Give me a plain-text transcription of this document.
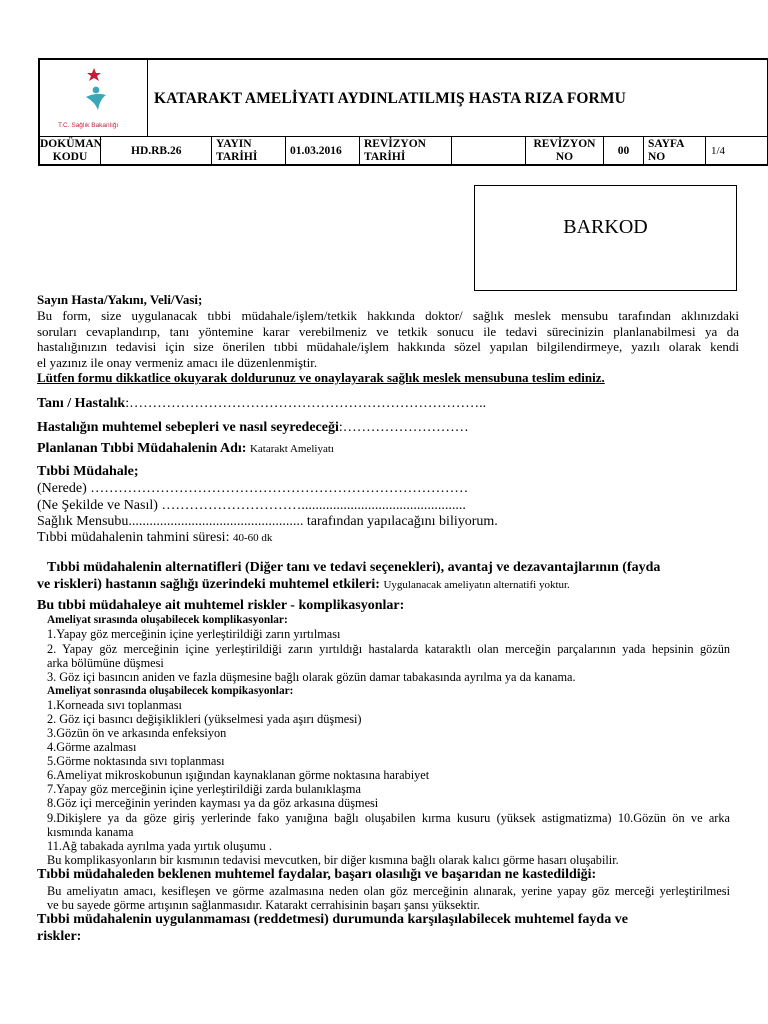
T.C. Sağlık Bakanlığı
KATARAKT AMELİYATI AYDINLATILMIŞ HASTA RIZA FORMU
DOKÜMAN
KODU
HD.RB.26
YAYIN
TARİHİ
01.03.2016
REVİZYON
TARİHİ
REVİZYON
NO
00
SAYFA
NO
1/4
BARKOD
Sayın Hasta/Yakını, Veli/Vasi;
Bu form, size uygulanacak tıbbi müdahale/işlem/tetkik hakkında doktor/ sağlık meslek mensubu tarafından aklınızdaki
soruları cevaplandırıp, tanı yöntemine karar verebilmeniz ve tetkik sonucu ile tedavi sürecinizin planlanabilmesi ya da
hastalığınızın tedavisi için size önerilen tıbbi müdahale/işlem hakkında sözel yapılan bilgilendirmeye, yazılı olarak kendi
el yazınız ile onay vermeniz amacı ile düzenlenmiştir.
Lütfen formu dikkatlice okuyarak doldurunuz ve onaylayarak sağlık meslek mensubuna teslim ediniz.
Tanı / Hastalık:…………………………………………………………………..
Hastalığın muhtemel sebepleri ve nasıl seyredeceği:………………………
Planlanan Tıbbi Müdahalenin Adı: Katarakt Ameliyatı
Tıbbi Müdahale;
(Nerede) ………………………………………………………………………
(Ne Şekilde ve Nasıl) …………………………...............................................
Sağlık Mensubu.................................................. tarafından yapılacağını biliyorum.
Tıbbi müdahalenin tahmini süresi: 40-60 dk
Tıbbi müdahalenin alternatifleri (Diğer tanı ve tedavi seçenekleri), avantaj ve dezavantajlarının (fayda
ve riskleri) hastanın sağlığı üzerindeki muhtemel etkileri: Uygulanacak ameliyatın alternatifi yoktur.
Bu tıbbi müdahaleye ait muhtemel riskler - komplikasyonlar:
Ameliyat sırasında oluşabilecek komplikasyonlar:
1.Yapay göz merceğinin içine yerleştirildiği zarın yırtılması
2. Yapay göz merceğinin içine yerleştirildiği zarın yırtıldığı hastalarda kataraktlı olan merceğin parçalarının yada hepsinin gözün
arka bölümüne düşmesi
3. Göz içi basıncın aniden ve fazla düşmesine bağlı olarak gözün damar tabakasında ayrılma ya da kanama.
Ameliyat sonrasında oluşabilecek kompikasyonlar:
1.Korneada sıvı toplanması
2. Göz içi basıncı değişiklikleri (yükselmesi yada aşırı düşmesi)
3.Gözün ön ve arkasında enfeksiyon
4.Görme azalması
5.Görme noktasında sıvı toplanması
6.Ameliyat mikroskobunun ışığından kaynaklanan görme noktasına harabiyet
7.Yapay göz merceğinin içine yerleştirildiği zarda bulanıklaşma
8.Göz içi merceğinin yerinden kayması ya da göz arkasına düşmesi
9.Dikişlere ya da göze giriş yerlerinde fako yanığına bağlı oluşabilen kırma kusuru (yüksek astigmatizma) 10.Gözün ön ve arka
kısmında kanama
11.Ağ tabakada ayrılma yada yırtık oluşumu .
Bu komplikasyonların bir kısmının tedavisi mevcutken, bir diğer kısmına bağlı olarak kalıcı görme hasarı oluşabilir.
Tıbbi müdahaleden beklenen muhtemel faydalar, başarı olasılığı ve başarıdan ne kastedildiği:
Bu ameliyatın amacı, kesifleşen ve görme azalmasına neden olan göz merceğinin alınarak, yerine yapay göz merceği yerleştirilmesi
ve bu sayede görme artışının sağlanmasıdır. Katarakt cerrahisinin başarı şansı yüksektir.
Tıbbi müdahalenin uygulanmaması (reddetmesi) durumunda karşılaşılabilecek muhtemel fayda ve
riskler:
